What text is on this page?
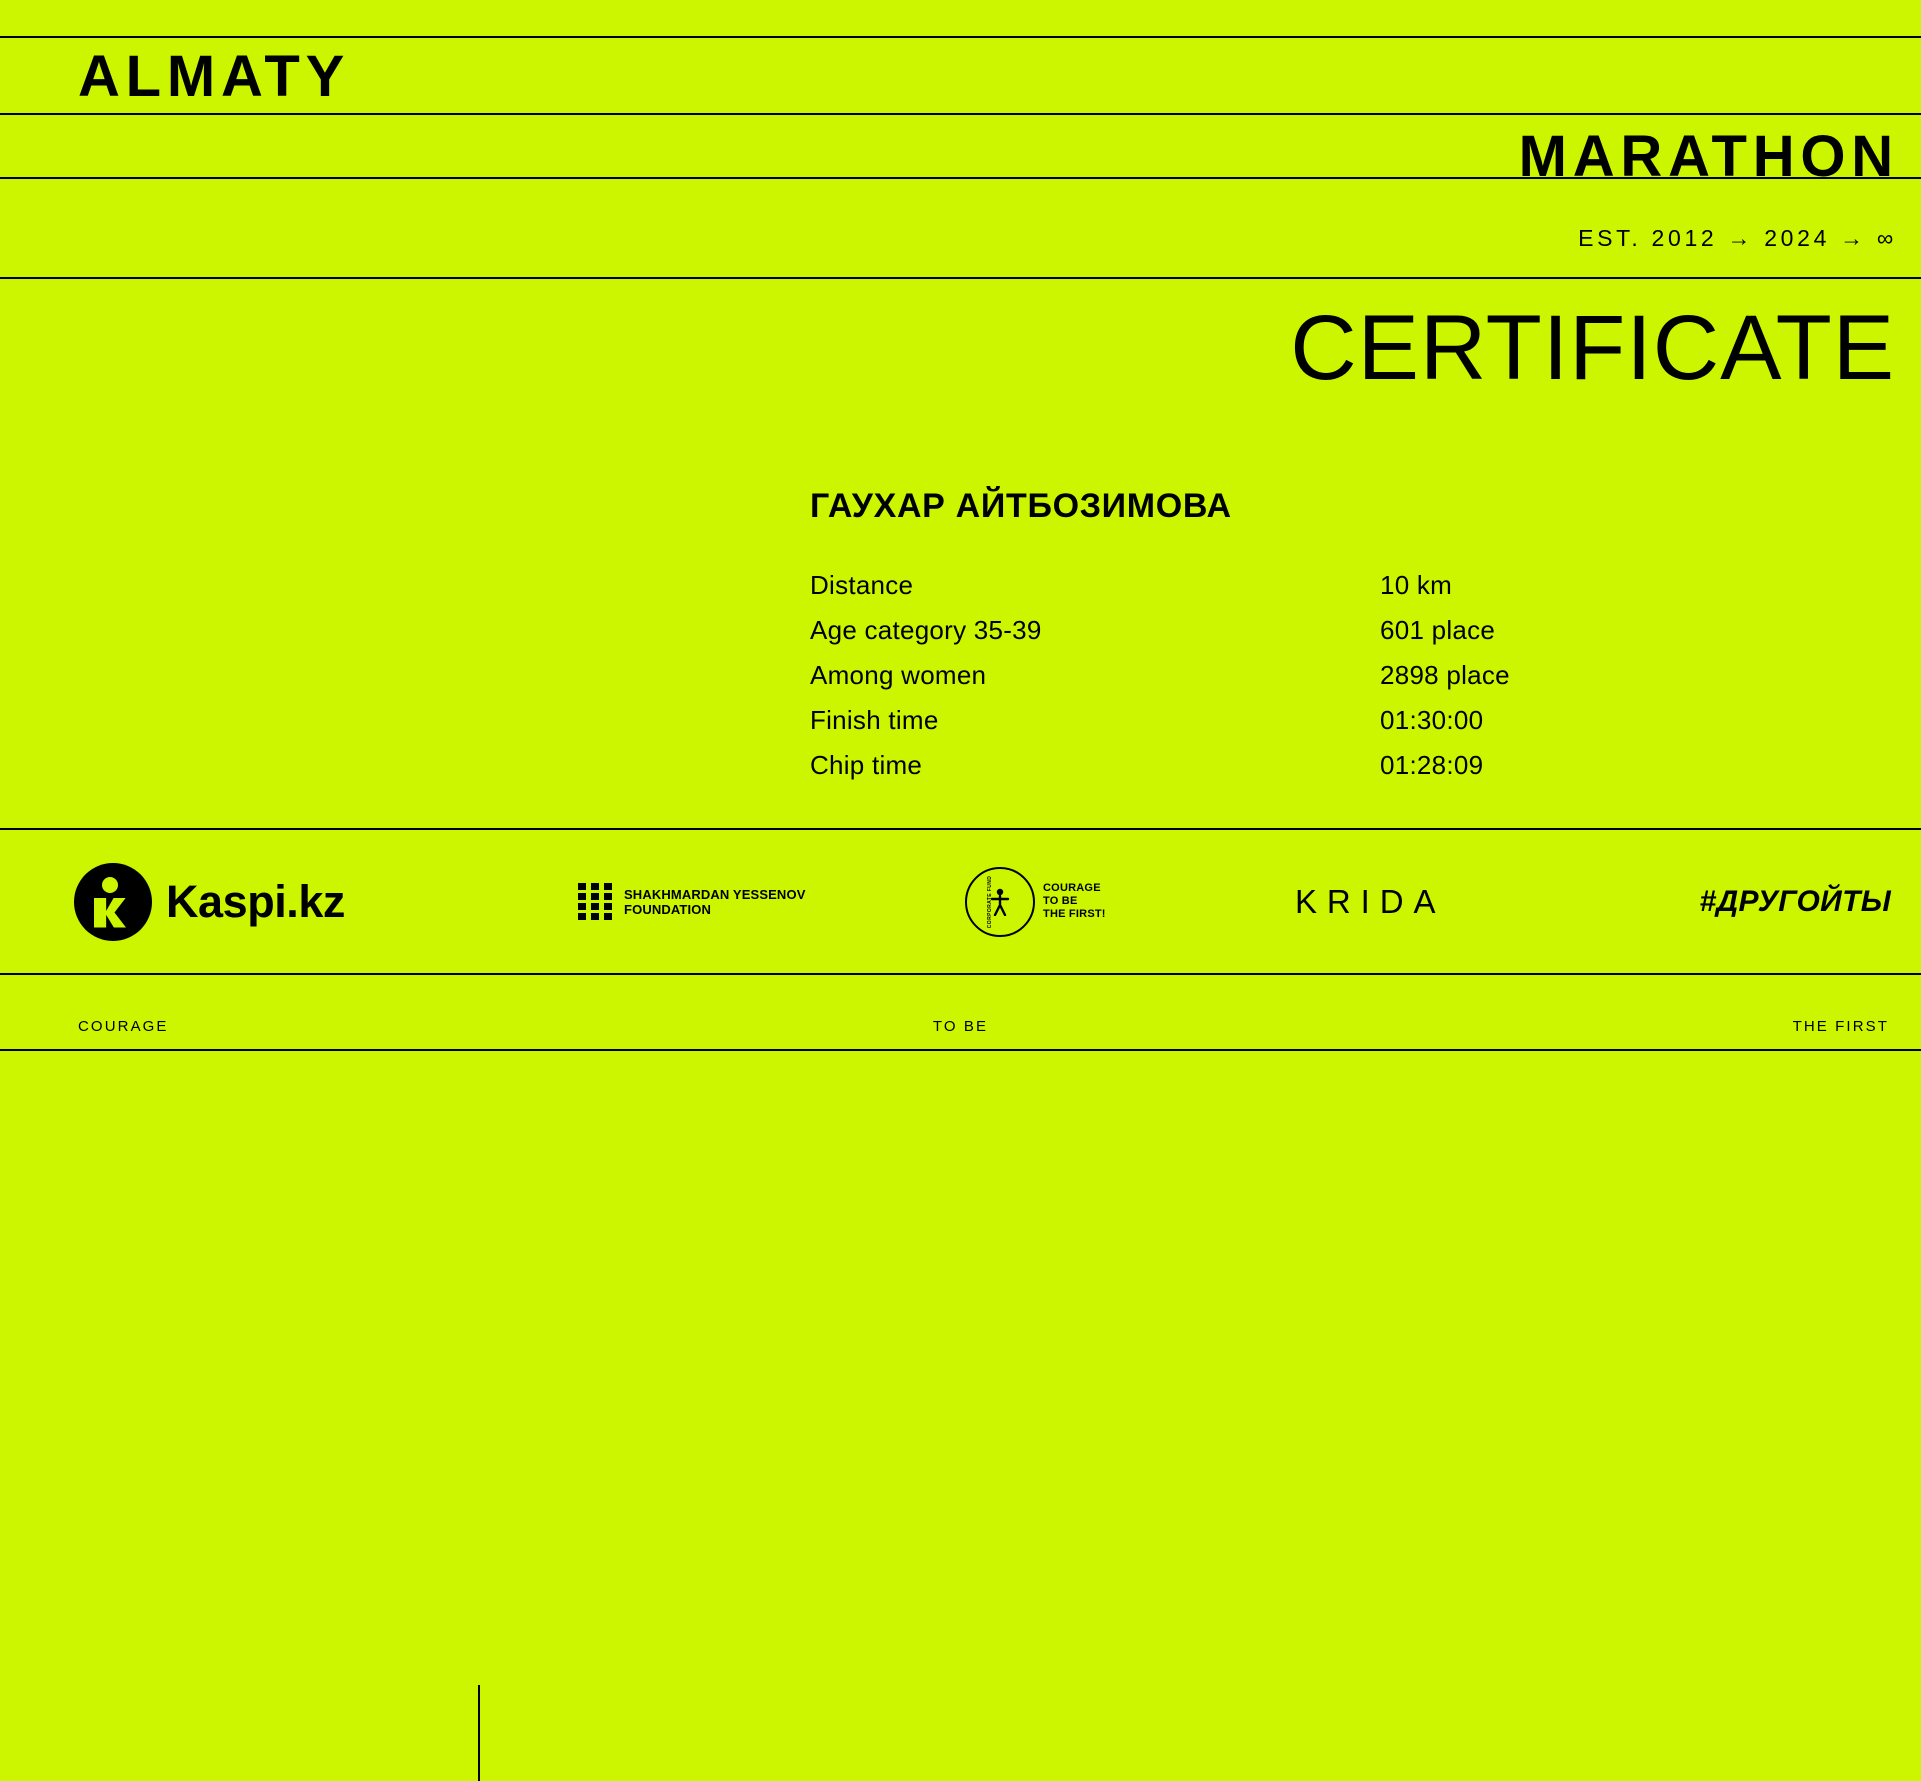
ALMATY
MARATHON
EST. 2012 → 2024 → ∞
CERTIFICATE
ГАУХАР АЙТБОЗИМОВА
Distance	10 km
Age category 35-39	601 place
Among women	2898 place
Finish time	01:30:00
Chip time	01:28:09
Kaspi.kz	SHAKHMARDAN YESSENOV
FOUNDATION	CORPORATE FUND	COURAGE
TO BE
THE FIRST!	KRIDA	#ДРУГОЙТЫ
COURAGE	TO BE	THE FIRST
